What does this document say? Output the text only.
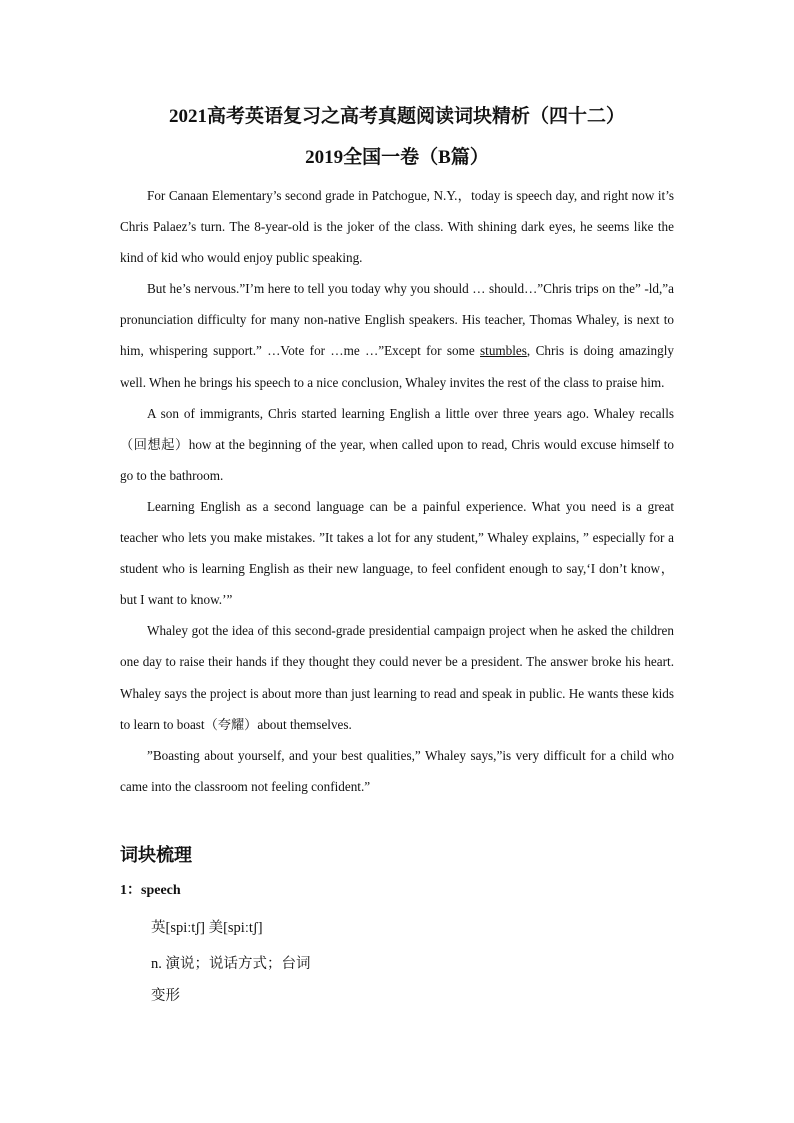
2021高考英语复习之高考真题阅读词块精析（四十二）
2019全国一卷（B篇）

For Canaan Elementary’s second grade in Patchogue, N.Y.，today is speech day, and right now it’s Chris Palaez’s turn. The 8-year-old is the joker of the class. With shining dark eyes, he seems like the kind of kid who would enjoy public speaking.

But he’s nervous.”I’m here to tell you today why you should … should…”Chris trips on the” -ld,”a pronunciation difficulty for many non-native English speakers. His teacher, Thomas Whaley, is next to him, whispering support.” …Vote for …me …”Except for some stumbles, Chris is doing amazingly well. When he brings his speech to a nice conclusion, Whaley invites the rest of the class to praise him.

A son of immigrants, Chris started learning English a little over three years ago. Whaley recalls（回想起）how at the beginning of the year, when called upon to read, Chris would excuse himself to go to the bathroom.

Learning English as a second language can be a painful experience. What you need is a great teacher who lets you make mistakes. ”It takes a lot for any student,” Whaley explains, ” especially for a student who is learning English as their new language, to feel confident enough to say,‘I don’t know，but I want to know.’”

Whaley got the idea of this second-grade presidential campaign project when he asked the children one day to raise their hands if they thought they could never be a president. The answer broke his heart. Whaley says the project is about more than just learning to read and speak in public. He wants these kids to learn to boast（夸耀）about themselves.

”Boasting about yourself, and your best qualities,” Whaley says,”is very difficult for a child who came into the classroom not feeling confident.”

词块梳理
1：speech

英[spiːtʃ] 美[spiːtʃ]

n. 演说；说话方式；台词

变形
